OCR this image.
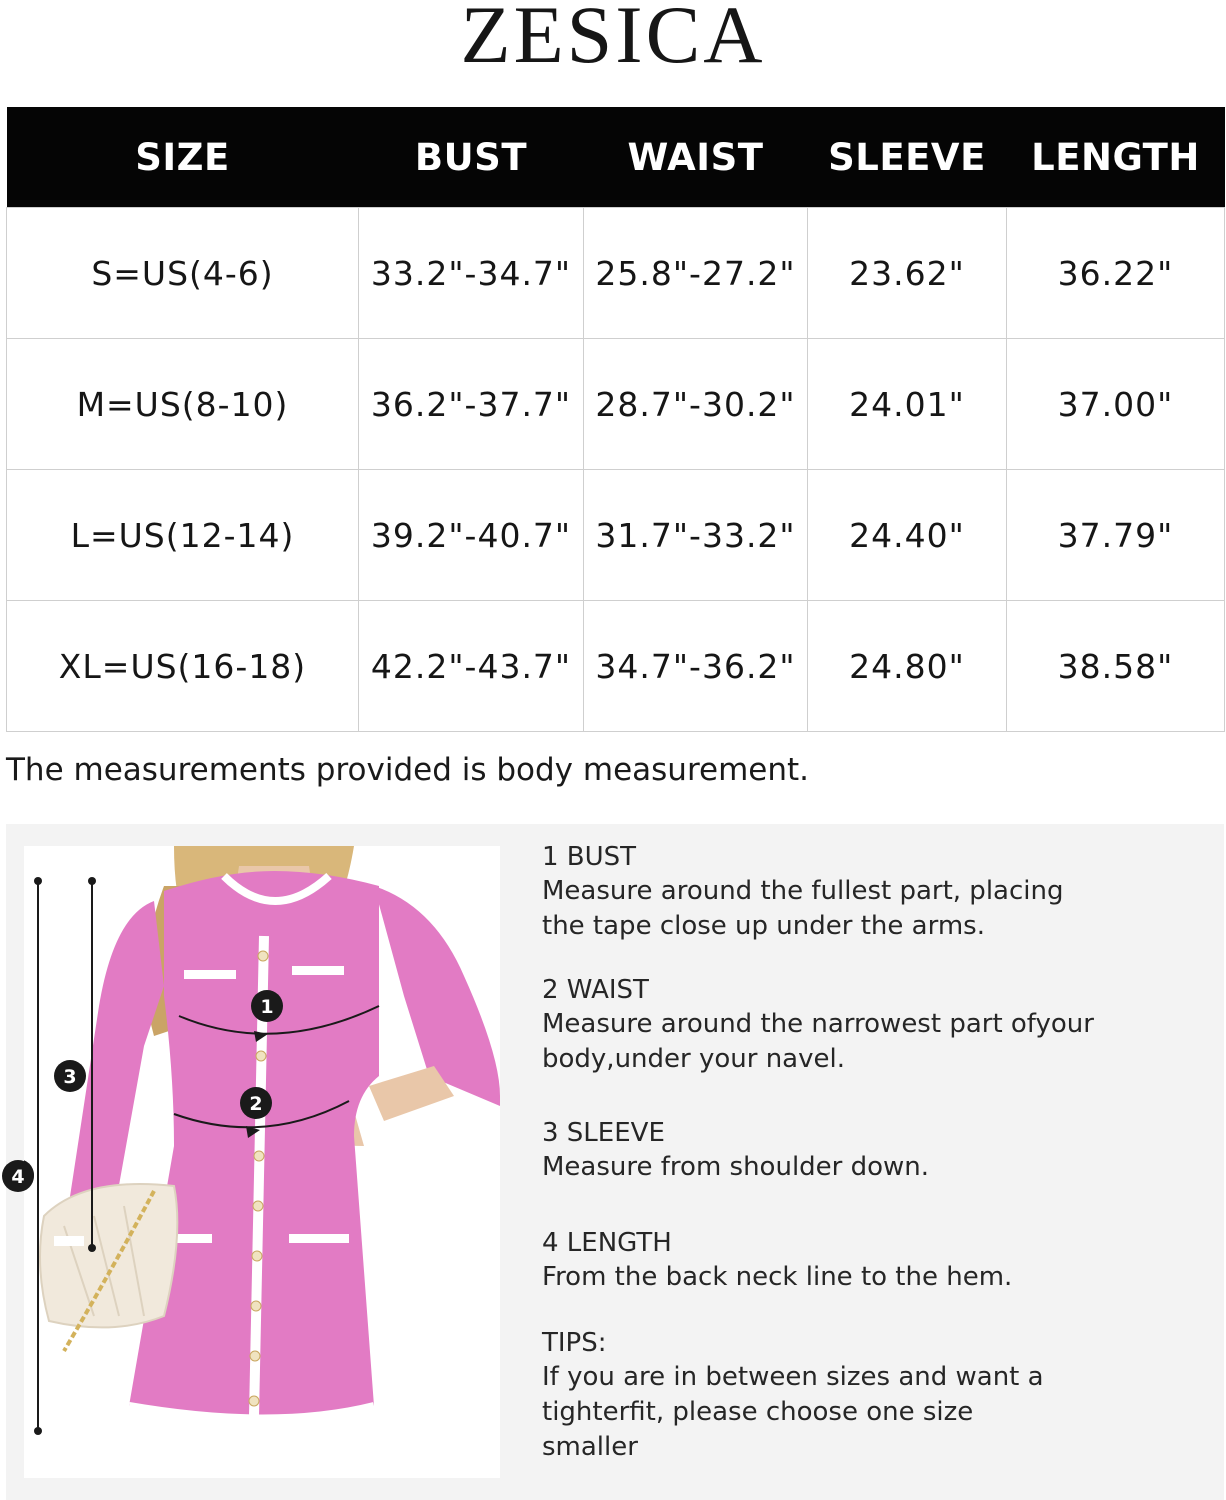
ZESICA
SIZE	BUST	WAIST	SLEEVE	LENGTH
S=US(4-6)	33.2"-34.7"	25.8"-27.2"	23.62"	36.22"
M=US(8-10)	36.2"-37.7"	28.7"-30.2"	24.01"	37.00"
L=US(12-14)	39.2"-40.7"	31.7"-33.2"	24.40"	37.79"
XL=US(16-18)	42.2"-43.7"	34.7"-36.2"	24.80"	38.58"
The measurements provided is body measurement.
1
2
3
4
1 BUST
Measure around the fullest part, placing
the tape close up under the arms.
2 WAIST
Measure around the narrowest part ofyour
body,under your navel.
3 SLEEVE
Measure from shoulder down.
4 LENGTH
From the back neck line to the hem.
TIPS:
If you are in between sizes and want a
tighterfit, please choose one size
smaller
